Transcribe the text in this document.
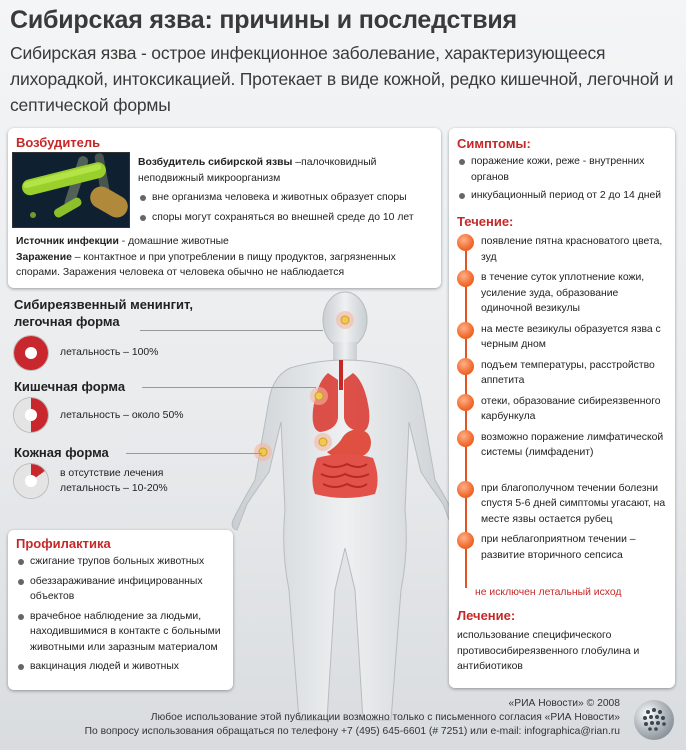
Сибирская язва: причины и последствия
Сибирская язва - острое инфекционное заболевание, характеризующееся лихорадкой, интоксикацией. Протекает в виде кожной, редко кишечной, легочной и септической формы
Возбудитель
Возбудитель сибирской язвы –палочковидный неподвижный микроорганизм
вне организма человека и животных образует споры
споры могут сохраняться во внешней среде до 10 лет
Источник инфекции - домашние животные
Заражение – контактное и при употреблении в пищу продуктов, загрязненных спорами. Заражения человека от человека обычно не наблюдается
Сибиреязвенный менингит,
легочная форма
летальность – 100%
Кишечная форма
летальность – около 50%
Кожная форма
в отсутствие лечения
летальность – 10-20%
Профилактика
сжигание трупов больных животных
обеззараживание инфицированных объектов
врачебное наблюдение за людьми, находившимися в контакте с больными животными или заразным материалом
вакцинация людей и животных
Симптомы:
поражение кожи, реже - внутренних органов
инкубационный период от 2 до 14 дней
Течение:
появление пятна красноватого цвета, зуд
в течение суток уплотнение кожи, усиление зуда, образование одиночной везикулы
на месте везикулы образуется язва с черным дном
подъем температуры, расстройство аппетита
отеки, образование сибиреязвенного карбункула
возможно поражение лимфатической системы (лимфаденит)
при благополучном течении болезни спустя 5-6 дней симптомы угасают, на месте язвы остается рубец
при неблагоприятном течении – развитие вторичного сепсиса
не исключен летальный исход
Лечение:
использование специфического противосибиреязвенного глобулина и антибиотиков
«РИА Новости» © 2008
Любое использование этой публикации возможно только с письменного согласия «РИА Новости»
По вопросу использования обращаться по телефону +7 (495) 645-6601 (# 7251) или e-mail: infographica@rian.ru
